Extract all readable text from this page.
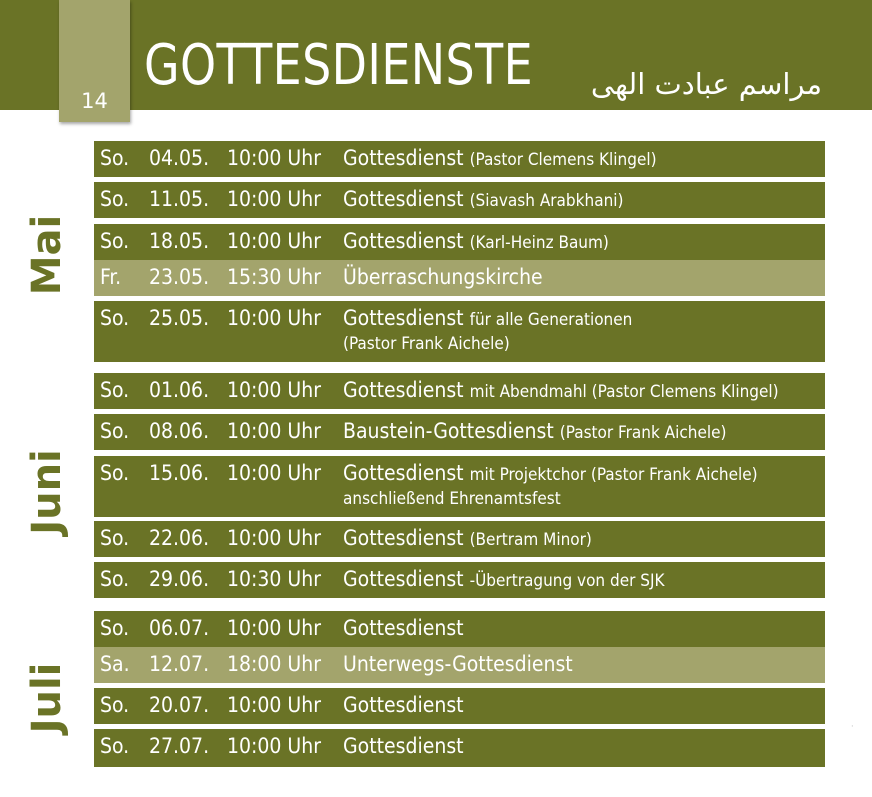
14
GOTTESDIENSTE مراسم عبادت الهی
Mai
Juni
Juli
So. 04.05. 10:00 Uhr Gottesdienst (Pastor Clemens Klingel)
So. 11.05. 10:00 Uhr Gottesdienst (Siavash Arabkhani)
So. 18.05. 10:00 Uhr Gottesdienst (Karl-Heinz Baum)
Fr. 23.05. 15:30 Uhr Überraschungskirche
So. 25.05. 10:00 Uhr Gottesdienst für alle Generationen
(Pastor Frank Aichele)
So. 01.06. 10:00 Uhr Gottesdienst mit Abendmahl (Pastor Clemens Klingel)
So. 08.06. 10:00 Uhr Baustein-Gottesdienst (Pastor Frank Aichele)
So. 15.06. 10:00 Uhr Gottesdienst mit Projektchor (Pastor Frank Aichele)
anschließend Ehrenamtsfest
So. 22.06. 10:00 Uhr Gottesdienst (Bertram Minor)
So. 29.06. 10:30 Uhr Gottesdienst -Übertragung von der SJK
So. 06.07. 10:00 Uhr Gottesdienst
Sa. 12.07. 18:00 Uhr Unterwegs-Gottesdienst
So. 20.07. 10:00 Uhr Gottesdienst
So. 27.07. 10:00 Uhr Gottesdienst
·
